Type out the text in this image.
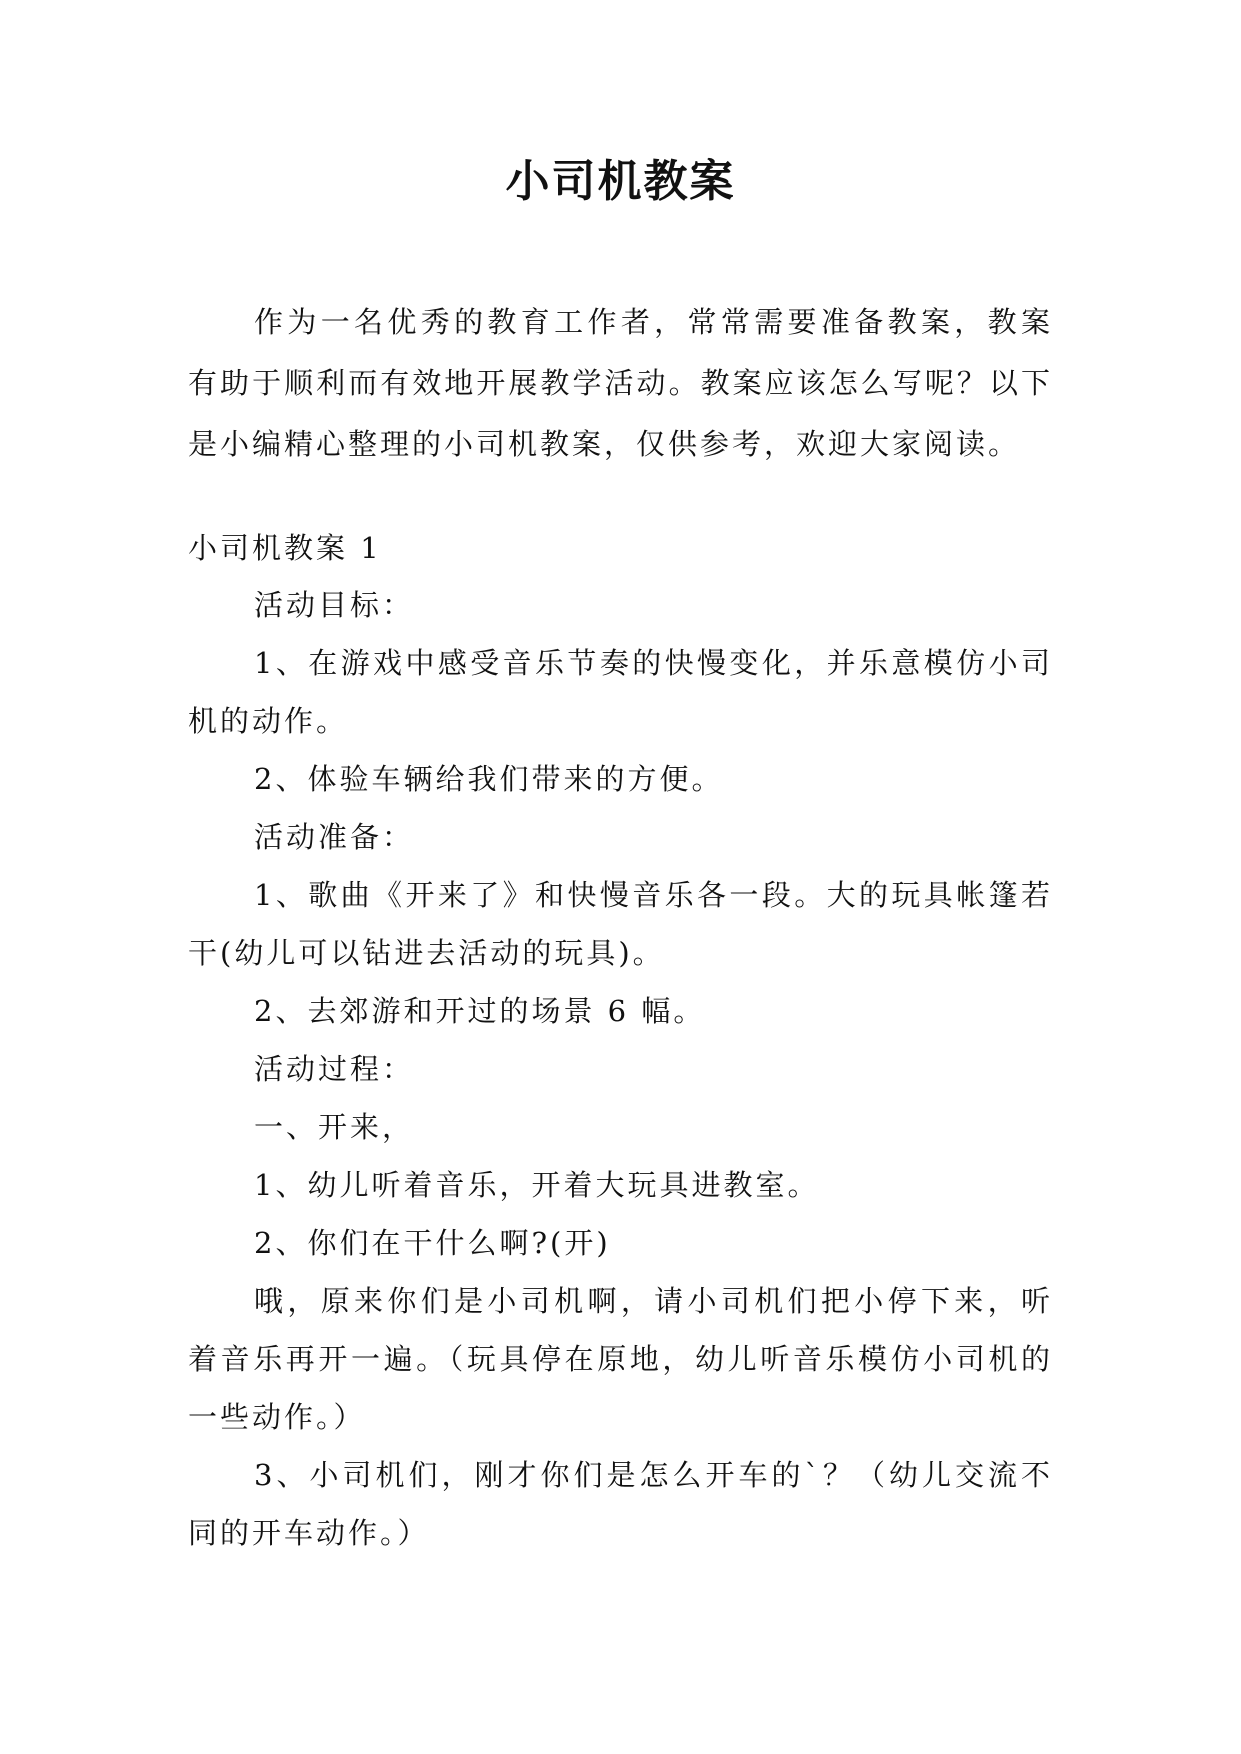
小司机教案

作为一名优秀的教育工作者，常常需要准备教案，教案有助于顺利而有效地开展教学活动。教案应该怎么写呢？以下是小编精心整理的小司机教案，仅供参考，欢迎大家阅读。

小司机教案 1

活动目标：

1、在游戏中感受音乐节奏的快慢变化，并乐意模仿小司机的动作。

2、体验车辆给我们带来的方便。

活动准备：

1、歌曲《开来了》和快慢音乐各一段。大的玩具帐篷若干(幼儿可以钻进去活动的玩具)。

2、去郊游和开过的场景 6 幅。

活动过程：

一、开来，

1、幼儿听着音乐，开着大玩具进教室。

2、你们在干什么啊?(开)

哦，原来你们是小司机啊，请小司机们把小停下来，听着音乐再开一遍。（玩具停在原地，幼儿听音乐模仿小司机的一些动作。）

3、小司机们，刚才你们是怎么开车的`？（幼儿交流不同的开车动作。）
